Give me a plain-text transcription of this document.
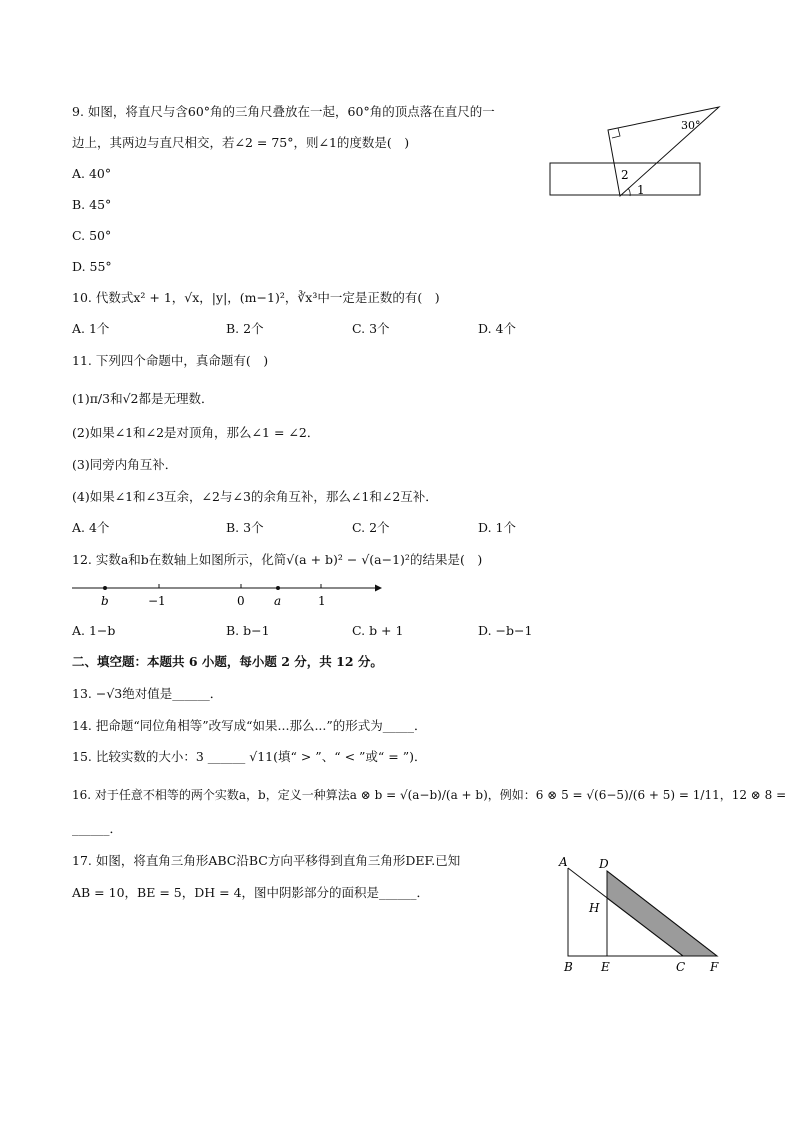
9. 如图，将直尺与含60°角的三角尺叠放在一起，60°角的顶点落在直尺的一
边上，其两边与直尺相交，若∠2 = 75°，则∠1的度数是(　)
A. 40°
B. 45°
C. 50°
D. 55°
30°
2
1
10. 代数式x² + 1，√x，|y|，(m−1)²，∛x³中一定是正数的有(　)
A. 1个	B. 2个	C. 3个	D. 4个
11. 下列四个命题中，真命题有(　)
(1)π/3和√2都是无理数．
(2)如果∠1和∠2是对顶角，那么∠1 = ∠2．
(3)同旁内角互补．
(4)如果∠1和∠3互余，∠2与∠3的余角互补，那么∠1和∠2互补．
A. 4个	B. 3个	C. 2个	D. 1个
12. 实数a和b在数轴上如图所示，化简√(a + b)² − √(a−1)²的结果是(　)
b	−1	0 a	1
A. 1−b	B. b−1	C. b + 1	D. −b−1
二、填空题：本题共 6 小题，每小题 2 分，共 12 分。
13. −√3绝对值是______．
14. 把命题“同位角相等”改写成“如果...那么...”的形式为_____．
15. 比较实数的大小：3 ______ √11(填“ > ”、“ < ”或“ = ”)．
16. 对于任意不相等的两个实数a，b，定义一种算法a ⊗ b = √(a−b)/(a + b)，例如：6 ⊗ 5 = √(6−5)/(6 + 5) = 1/11，12 ⊗ 8 =
______．
17. 如图，将直角三角形ABC沿BC方向平移得到直角三角形DEF.已知
AB = 10，BE = 5，DH = 4，图中阴影部分的面积是______．
A	D
H
B E	C F
